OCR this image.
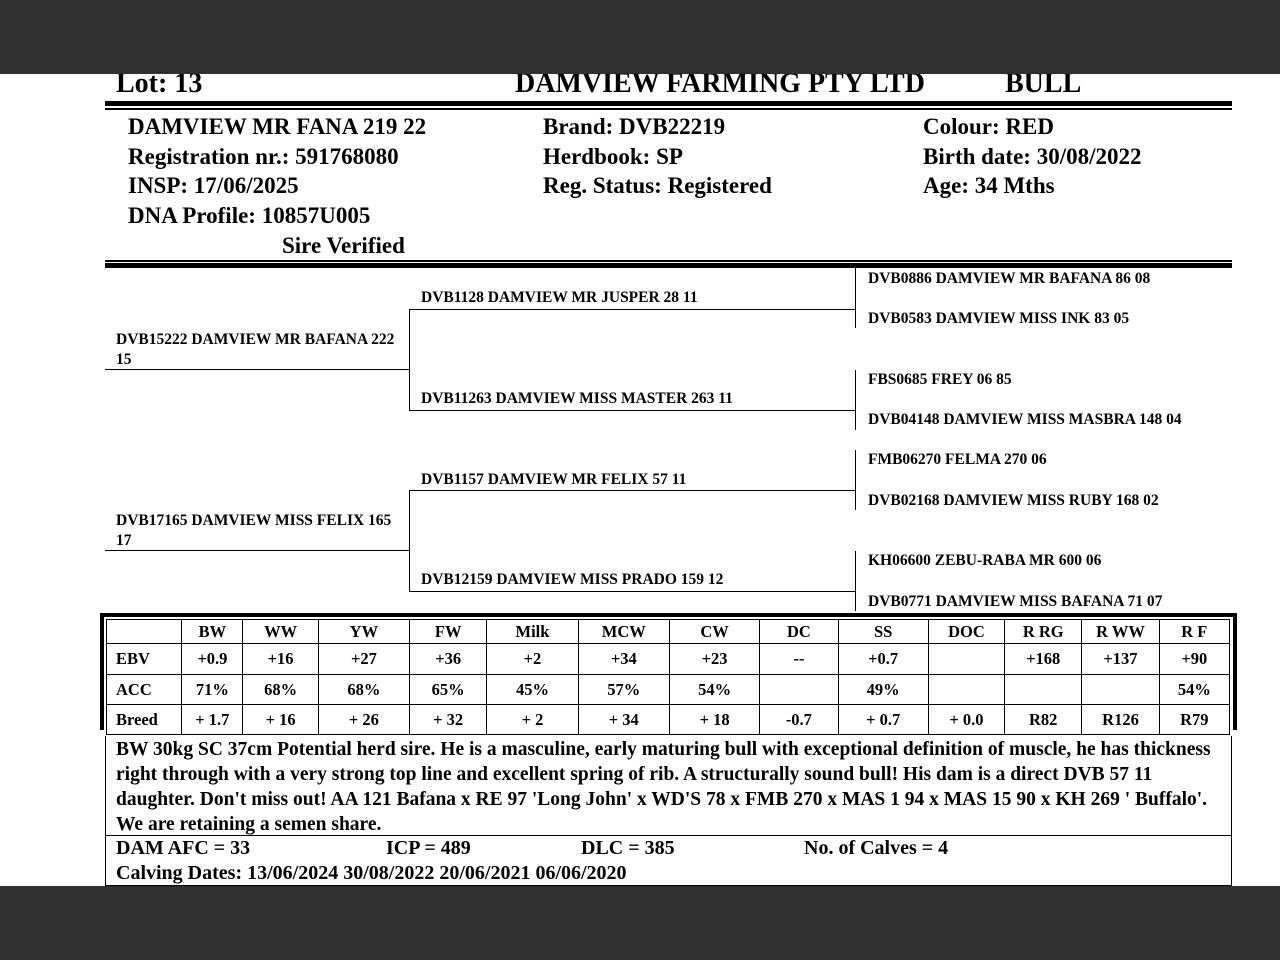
Lot: 13	DAMVIEW FARMING PTY LTD	BULL
DAMVIEW MR FANA 219 22
Registration nr.: 591768080
INSP: 17/06/2025
DNA Profile: 10857U005
Sire Verified
Brand: DVB22219
Herdbook: SP
Reg. Status: Registered
Colour: RED
Birth date: 30/08/2022
Age: 34 Mths
DVB15222 DAMVIEW MR BAFANA 222 15
DVB17165 DAMVIEW MISS FELIX 165 17
DVB1128 DAMVIEW MR JUSPER 28 11
DVB11263 DAMVIEW MISS MASTER 263 11
DVB1157 DAMVIEW MR FELIX 57 11
DVB12159 DAMVIEW MISS PRADO 159 12
DVB0886 DAMVIEW MR BAFANA 86 08
DVB0583 DAMVIEW MISS INK 83 05
FBS0685 FREY 06 85
DVB04148 DAMVIEW MISS MASBRA 148 04
FMB06270 FELMA 270 06
DVB02168 DAMVIEW MISS RUBY 168 02
KH06600 ZEBU-RABA MR 600 06
DVB0771 DAMVIEW MISS BAFANA 71 07
	BW	WW	YW	FW	Milk	MCW	CW	DC	SS	DOC	R RG	R WW	R F
EBV	+0.9	+16	+27	+36	+2	+34	+23	--	+0.7		+168	+137	+90
ACC	71%	68%	68%	65%	45%	57%	54%		49%				54%
Breed	+ 1.7	+ 16	+ 26	+ 32	+ 2	+ 34	+ 18	-0.7	+ 0.7	+ 0.0	R82	R126	R79
BW 30kg SC 37cm Potential herd sire. He is a masculine, early maturing bull with exceptional definition of muscle, he has thickness right through with a very strong top line and excellent spring of rib. A structurally sound bull! His dam is a direct DVB 57 11 daughter. Don't miss out! AA 121 Bafana x RE 97 'Long John' x WD'S 78 x FMB 270 x MAS 1 94 x MAS 15 90 x KH 269 ' Buffalo'. We are retaining a semen share.
DAM AFC = 33	ICP = 489	DLC = 385	No. of Calves = 4
Calving Dates: 13/06/2024 30/08/2022 20/06/2021 06/06/2020
